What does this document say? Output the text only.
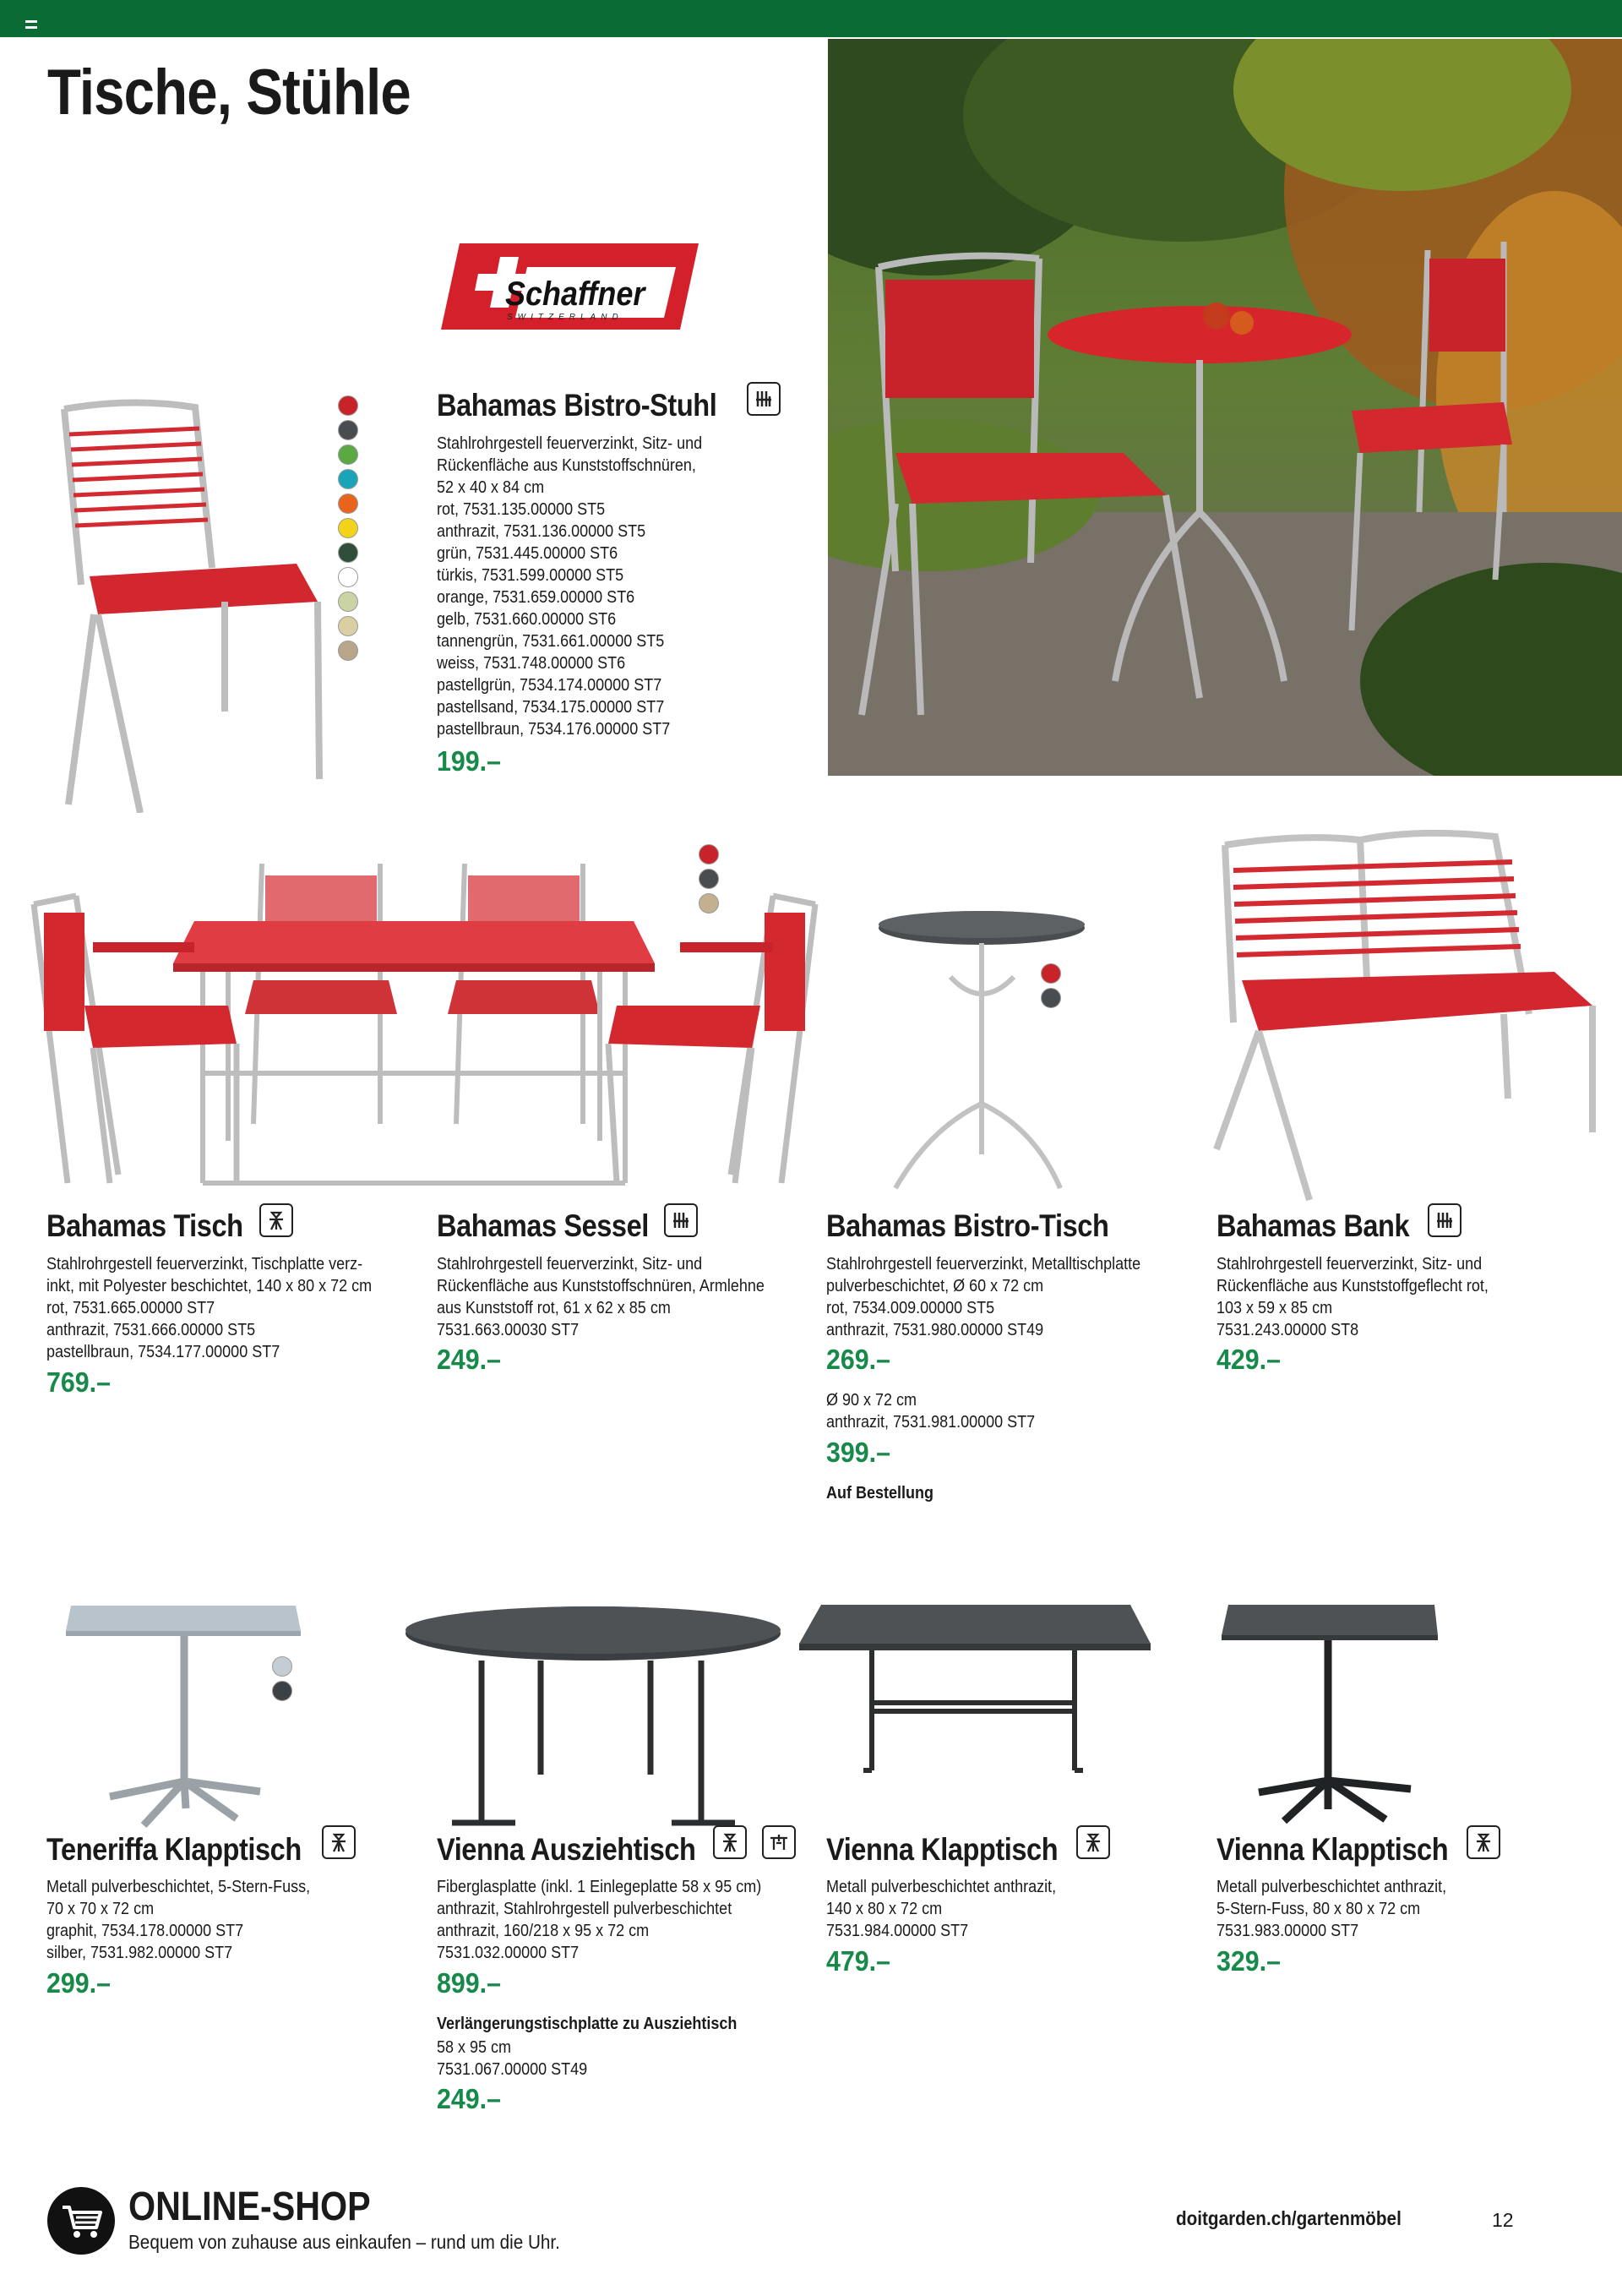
Tische, Stühle
Schaffner
SWITZERLAND
Bahamas Bistro-Stuhl
Stahlrohrgestell feuerverzinkt, Sitz- und
Rückenfläche aus Kunststoffschnüren,
52 x 40 x 84 cm
rot, 7531.135.00000 ST5
anthrazit, 7531.136.00000 ST5
grün, 7531.445.00000 ST6
türkis, 7531.599.00000 ST5
orange, 7531.659.00000 ST6
gelb, 7531.660.00000 ST6
tannengrün, 7531.661.00000 ST5
weiss, 7531.748.00000 ST6
pastellgrün, 7534.174.00000 ST7
pastellsand, 7534.175.00000 ST7
pastellbraun, 7534.176.00000 ST7
199.–
Bahamas Tisch
Stahlrohrgestell feuerverzinkt, Tischplatte verz-
inkt, mit Polyester beschichtet, 140 x 80 x 72 cm
rot, 7531.665.00000 ST7
anthrazit, 7531.666.00000 ST5
pastellbraun, 7534.177.00000 ST7
769.–
Bahamas Sessel
Stahlrohrgestell feuerverzinkt, Sitz- und
Rückenfläche aus Kunststoffschnüren, Armlehne
aus Kunststoff rot, 61 x 62 x 85 cm
7531.663.00030 ST7
249.–
Bahamas Bistro-Tisch
Stahlrohrgestell feuerverzinkt, Metalltischplatte
pulverbeschichtet, Ø 60 x 72 cm
rot, 7534.009.00000 ST5
anthrazit, 7531.980.00000 ST49
269.–
Ø 90 x 72 cm
anthrazit, 7531.981.00000 ST7
399.–
Auf Bestellung
Bahamas Bank
Stahlrohrgestell feuerverzinkt, Sitz- und
Rückenfläche aus Kunststoffgeflecht rot,
103 x 59 x 85 cm
7531.243.00000 ST8
429.–
Teneriffa Klapptisch
Metall pulverbeschichtet, 5-Stern-Fuss,
70 x 70 x 72 cm
graphit, 7534.178.00000 ST7
silber, 7531.982.00000 ST7
299.–
Vienna Ausziehtisch
Fiberglasplatte (inkl. 1 Einlegeplatte 58 x 95 cm)
anthrazit, Stahlrohrgestell pulverbeschichtet
anthrazit, 160/218 x 95 x 72 cm
7531.032.00000 ST7
899.–
Verlängerungstischplatte zu Ausziehtisch
58 x 95 cm
7531.067.00000 ST49
249.–
Vienna Klapptisch
Metall pulverbeschichtet anthrazit,
140 x 80 x 72 cm
7531.984.00000 ST7
479.–
Vienna Klapptisch
Metall pulverbeschichtet anthrazit,
5-Stern-Fuss, 80 x 80 x 72 cm
7531.983.00000 ST7
329.–
ONLINE-SHOP
Bequem von zuhause aus einkaufen – rund um die Uhr.
doitgarden.ch/gartenmöbel	12
